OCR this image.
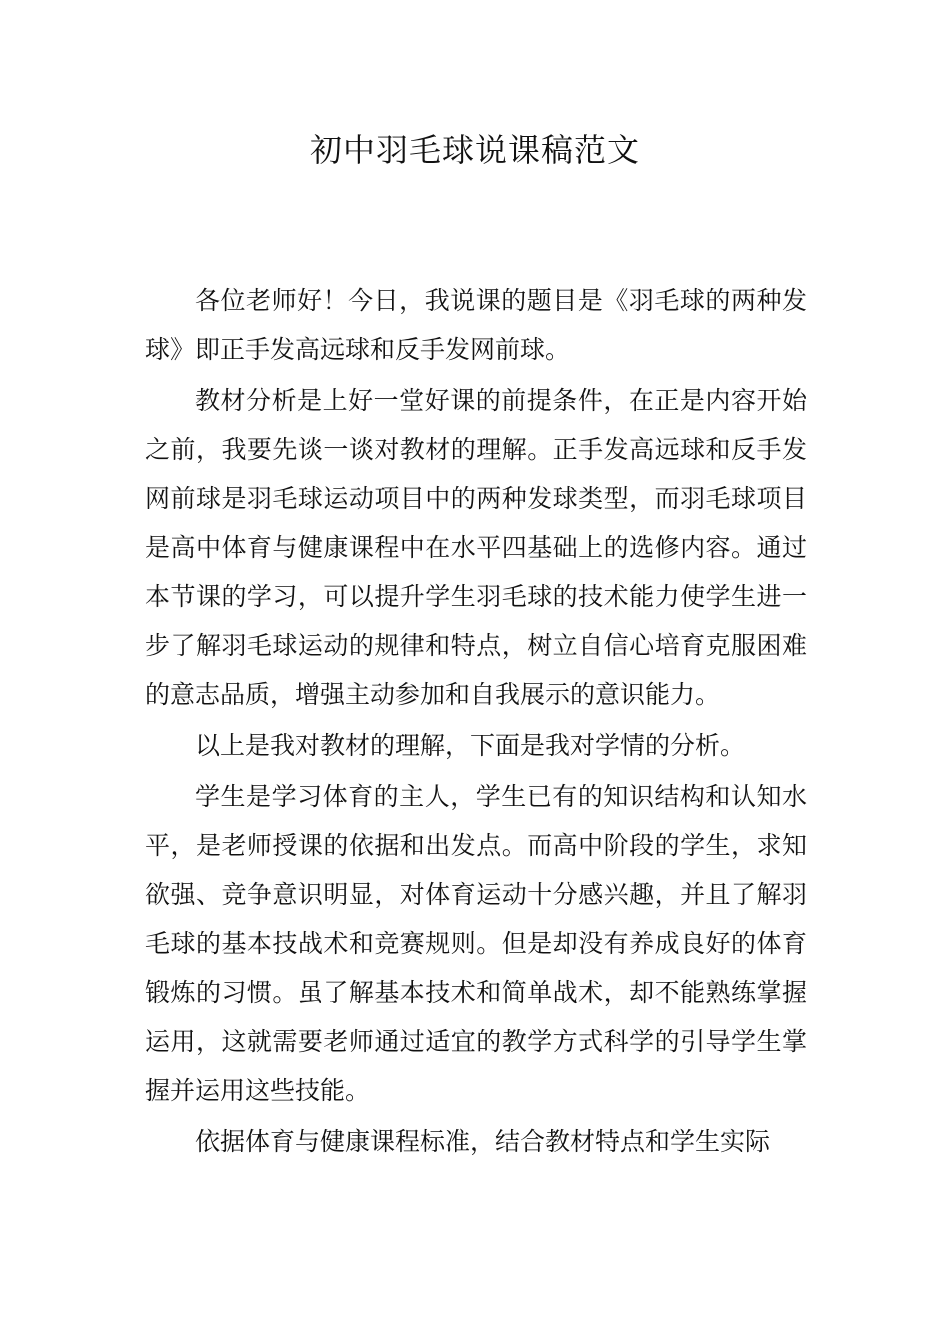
初中羽毛球说课稿范文

各位老师好！今日，我说课的题目是《羽毛球的两种发球》即正手发高远球和反手发网前球。

教材分析是上好一堂好课的前提条件，在正是内容开始之前，我要先谈一谈对教材的理解。正手发高远球和反手发网前球是羽毛球运动项目中的两种发球类型，而羽毛球项目是高中体育与健康课程中在水平四基础上的选修内容。通过本节课的学习，可以提升学生羽毛球的技术能力使学生进一步了解羽毛球运动的规律和特点，树立自信心培育克服困难的意志品质，增强主动参加和自我展示的意识能力。

以上是我对教材的理解，下面是我对学情的分析。

学生是学习体育的主人，学生已有的知识结构和认知水平，是老师授课的依据和出发点。而高中阶段的学生，求知欲强、竞争意识明显，对体育运动十分感兴趣，并且了解羽毛球的基本技战术和竞赛规则。但是却没有养成良好的体育锻炼的习惯。虽了解基本技术和简单战术，却不能熟练掌握运用，这就需要老师通过适宜的教学方式科学的引导学生掌握并运用这些技能。

依据体育与健康课程标准，结合教材特点和学生实际
